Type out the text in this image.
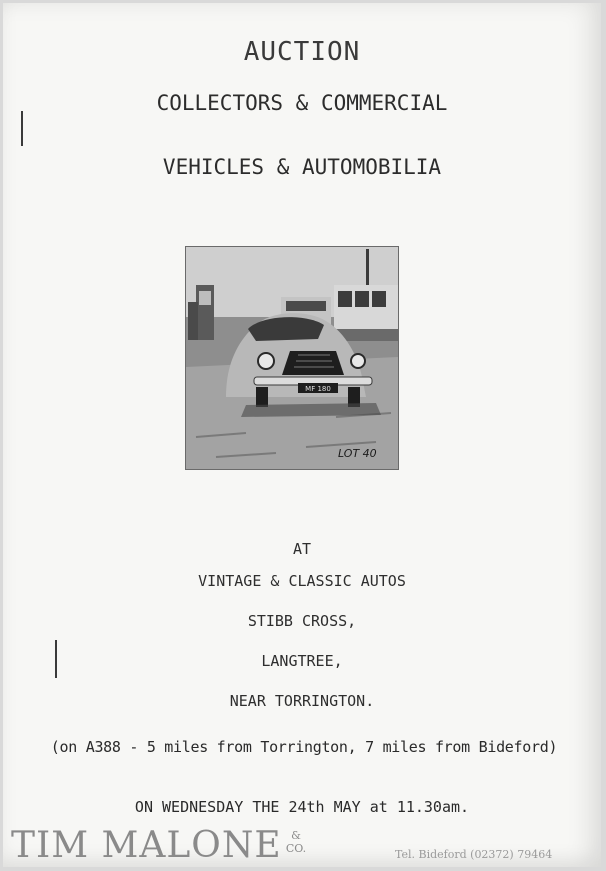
AUCTION
COLLECTORS & COMMERCIAL
VEHICLES & AUTOMOBILIA
MF 180
LOT 40
AT
VINTAGE & CLASSIC AUTOS
STIBB CROSS,
LANGTREE,
NEAR TORRINGTON.
(on A388 - 5 miles from Torrington, 7 miles from Bideford)
ON WEDNESDAY THE 24th MAY at 11.30am.
TIM MALONE &
CO.	Tel. Bideford (02372) 79464
